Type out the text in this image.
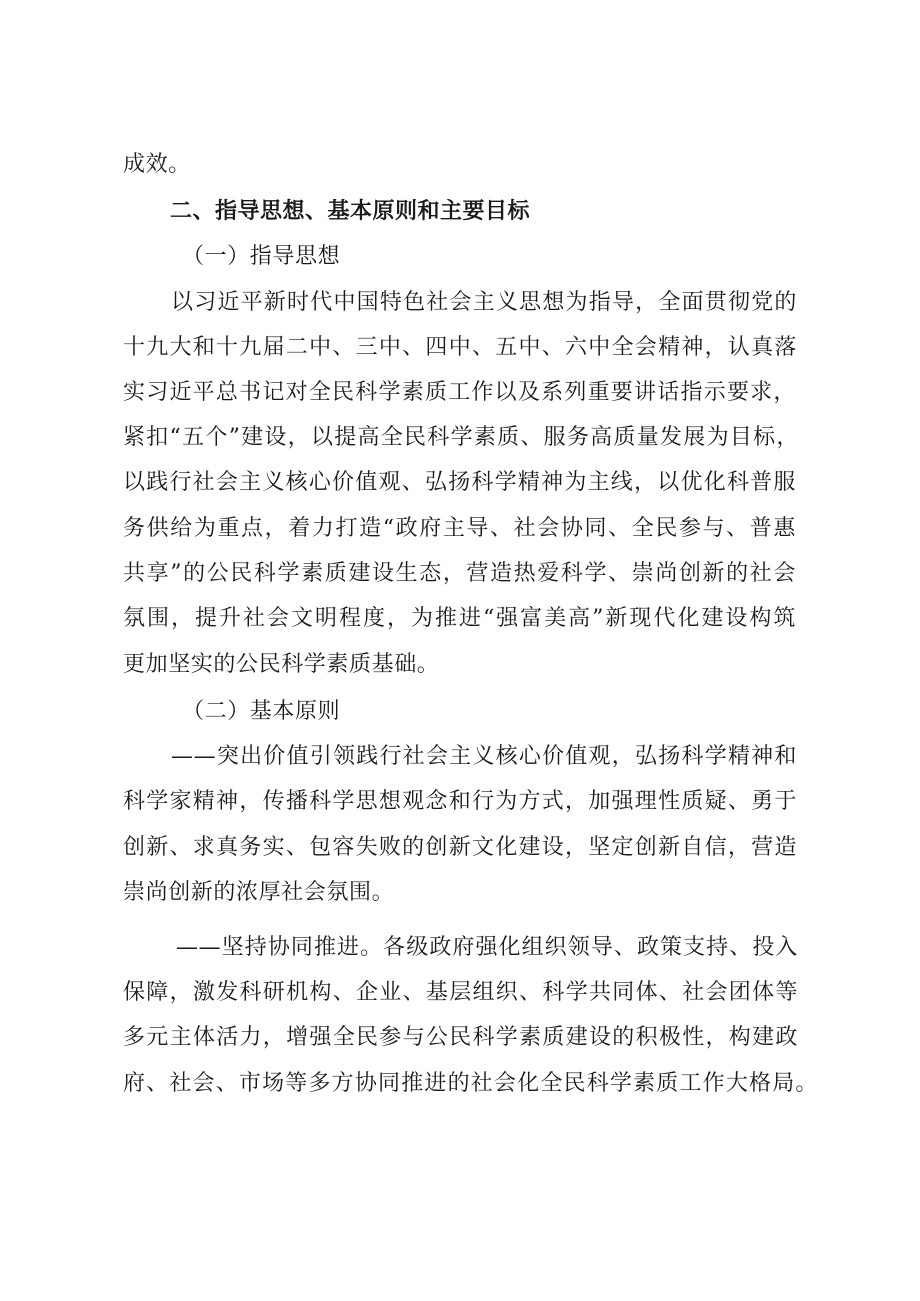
成效。
二、指导思想、基本原则和主要目标
（一）指导思想
以习近平新时代中国特色社会主义思想为指导，全面贯彻党的
十九大和十九届二中、三中、四中、五中、六中全会精神，认真落
实习近平总书记对全民科学素质工作以及系列重要讲话指示要求，
紧扣“五个”建设，以提高全民科学素质、服务高质量发展为目标，
以践行社会主义核心价值观、弘扬科学精神为主线，以优化科普服
务供给为重点，着力打造“政府主导、社会协同、全民参与、普惠
共享”的公民科学素质建设生态，营造热爱科学、崇尚创新的社会
氛围，提升社会文明程度，为推进“强富美高”新现代化建设构筑
更加坚实的公民科学素质基础。
（二）基本原则
——突出价值引领践行社会主义核心价值观，弘扬科学精神和
科学家精神，传播科学思想观念和行为方式，加强理性质疑、勇于
创新、求真务实、包容失败的创新文化建设，坚定创新自信，营造
崇尚创新的浓厚社会氛围。
——坚持协同推进。各级政府强化组织领导、政策支持、投入
保障，激发科研机构、企业、基层组织、科学共同体、社会团体等
多元主体活力，增强全民参与公民科学素质建设的积极性，构建政
府、社会、市场等多方协同推进的社会化全民科学素质工作大格局。
